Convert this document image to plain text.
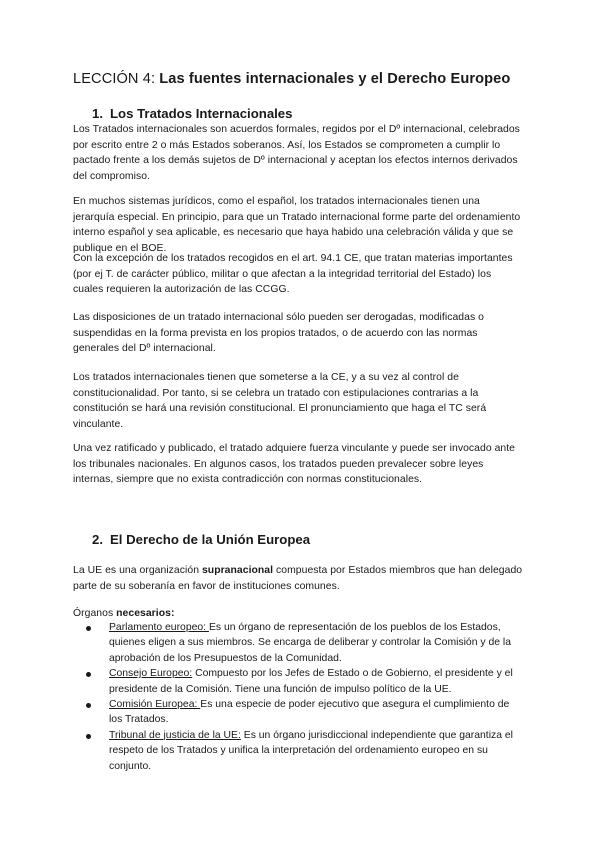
LECCIÓN 4: Las fuentes internacionales y el Derecho Europeo
1. Los Tratados Internacionales

Los Tratados internacionales son acuerdos formales, regidos por el Dº internacional, celebrados por escrito entre 2 o más Estados soberanos. Así, los Estados se comprometen a cumplir lo pactado frente a los demás sujetos de Dº internacional y aceptan los efectos internos derivados del compromiso.

En muchos sistemas jurídicos, como el español, los tratados internacionales tienen una jerarquía especial. En principio, para que un Tratado internacional forme parte del ordenamiento interno español y sea aplicable, es necesario que haya habido una celebración válida y que se publique en el BOE.

Con la excepción de los tratados recogidos en el art. 94.1 CE, que tratan materias importantes (por ej T. de carácter público, militar o que afectan a la integridad territorial del Estado) los cuales requieren la autorización de las CCGG.

Las disposiciones de un tratado internacional sólo pueden ser derogadas, modificadas o suspendidas en la forma prevista en los propios tratados, o de acuerdo con las normas generales del Dº internacional.

Los tratados internacionales tienen que someterse a la CE, y a su vez al control de constitucionalidad. Por tanto, si se celebra un tratado con estipulaciones contrarias a la constitución se hará una revisión constitucional. El pronunciamiento que haga el TC será vinculante.

Una vez ratificado y publicado, el tratado adquiere fuerza vinculante y puede ser invocado ante los tribunales nacionales. En algunos casos, los tratados pueden prevalecer sobre leyes internas, siempre que no exista contradicción con normas constitucionales.

2. El Derecho de la Unión Europea

La UE es una organización supranacional compuesta por Estados miembros que han delegado parte de su soberanía en favor de instituciones comunes.

Órganos necesarios:

Parlamento europeo: Es un órgano de representación de los pueblos de los Estados, quienes eligen a sus miembros. Se encarga de deliberar y controlar la Comisión y de la aprobación de los Presupuestos de la Comunidad.
Consejo Europeo: Compuesto por los Jefes de Estado o de Gobierno, el presidente y el presidente de la Comisión. Tiene una función de impulso político de la UE.
Comisión Europea: Es una especie de poder ejecutivo que asegura el cumplimiento de los Tratados.
Tribunal de justicia de la UE: Es un órgano jurisdiccional independiente que garantiza el respeto de los Tratados y unifica la interpretación del ordenamiento europeo en su conjunto.
